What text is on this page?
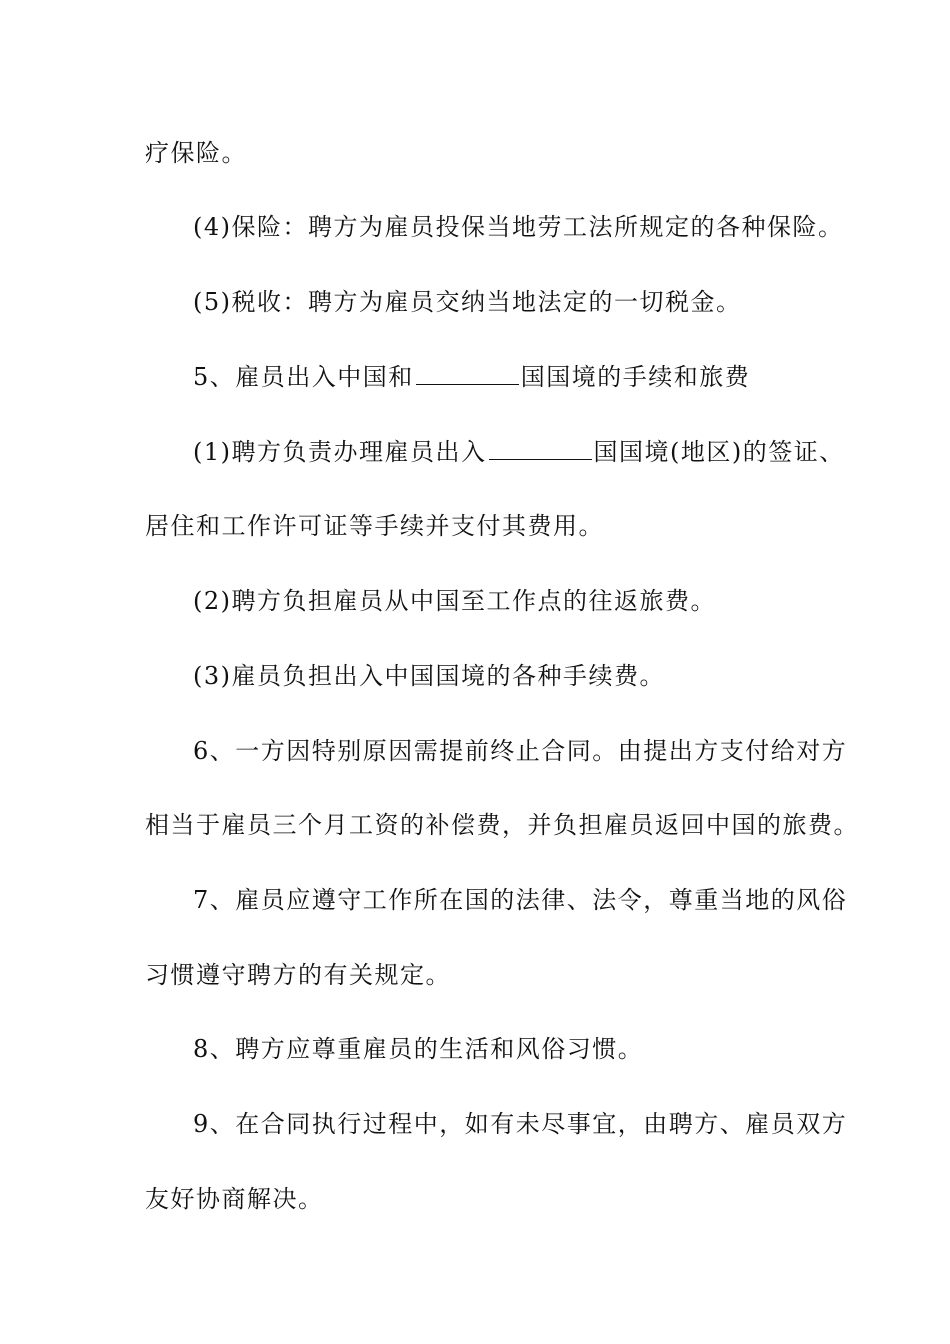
疗保险。
(4)保险：聘方为雇员投保当地劳工法所规定的各种保险。
(5)税收：聘方为雇员交纳当地法定的一切税金。
5、雇员出入中国和	国国境的手续和旅费
(1)聘方负责办理雇员出入	国国境(地区)的签证、
居住和工作许可证等手续并支付其费用。
(2)聘方负担雇员从中国至工作点的往返旅费。
(3)雇员负担出入中国国境的各种手续费。
6、一方因特别原因需提前终止合同。由提出方支付给对方
相当于雇员三个月工资的补偿费，并负担雇员返回中国的旅费。
7、雇员应遵守工作所在国的法律、法令，尊重当地的风俗
习惯遵守聘方的有关规定。
8、聘方应尊重雇员的生活和风俗习惯。
9、在合同执行过程中，如有未尽事宜，由聘方、雇员双方
友好协商解决。
